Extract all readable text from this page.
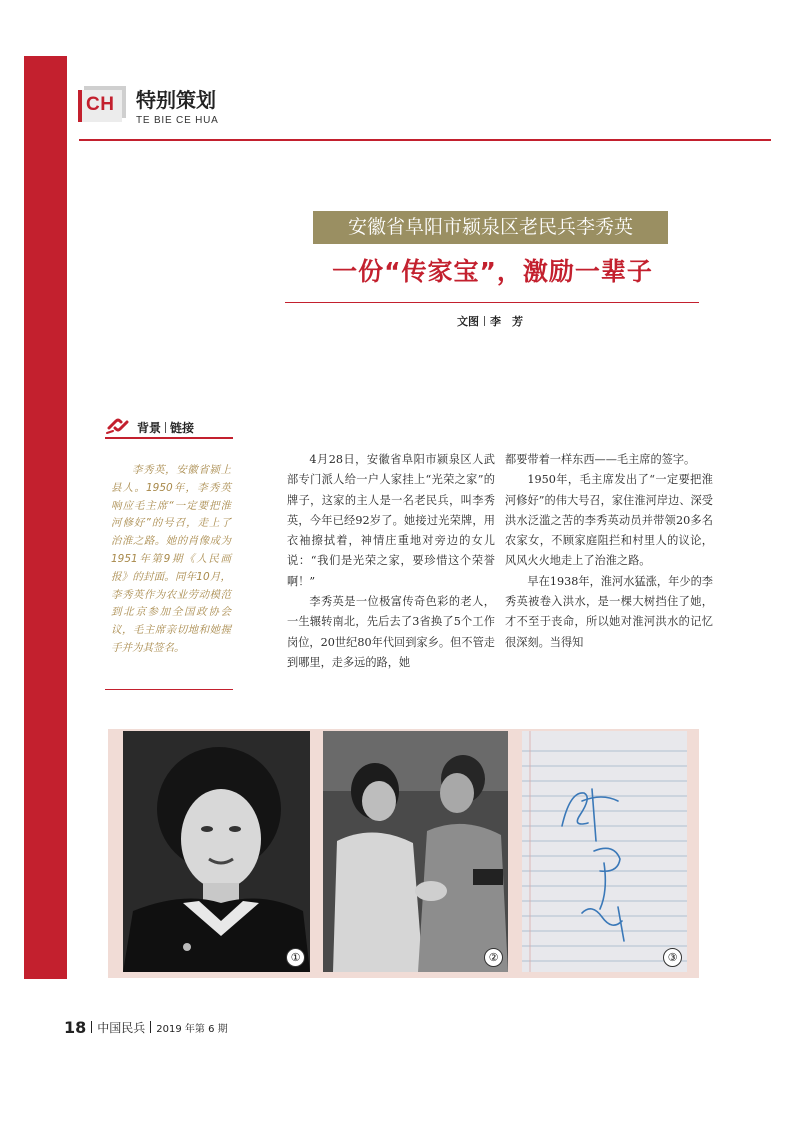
CH 特别策划
TE BIE CE HUA
安徽省阜阳市颍泉区老民兵李秀英
一份“传家宝”，激励一辈子
文图 李　芳
背景 链接

李秀英，安徽省颍上县人。1950年，李秀英响应毛主席“一定要把淮河修好”的号召，走上了治淮之路。她的肖像成为1951年第9期《人民画报》的封面。同年10月，李秀英作为农业劳动模范到北京参加全国政协会议，毛主席亲切地和她握手并为其签名。

4月28日，安徽省阜阳市颍泉区人武部专门派人给一户人家挂上“光荣之家”的牌子，这家的主人是一名老民兵，叫李秀英，今年已经92岁了。她接过光荣牌，用衣袖擦拭着，神情庄重地对旁边的女儿说：“我们是光荣之家，要珍惜这个荣誉啊！”

李秀英是一位极富传奇色彩的老人，一生辗转南北，先后去了3省换了5个工作岗位，20世纪80年代回到家乡。但不管走到哪里，走多远的路，她

都要带着一样东西——毛主席的签字。

1950年，毛主席发出了“一定要把淮河修好”的伟大号召，家住淮河岸边、深受洪水泛滥之苦的李秀英动员并带领20多名农家女，不顾家庭阻拦和村里人的议论，风风火火地走上了治淮之路。

早在1938年，淮河水猛涨，年少的李秀英被卷入洪水，是一棵大树挡住了她，才不至于丧命，所以她对淮河洪水的记忆很深刻。当得知

①	②	③
18 中国民兵 2019 年第 6 期
